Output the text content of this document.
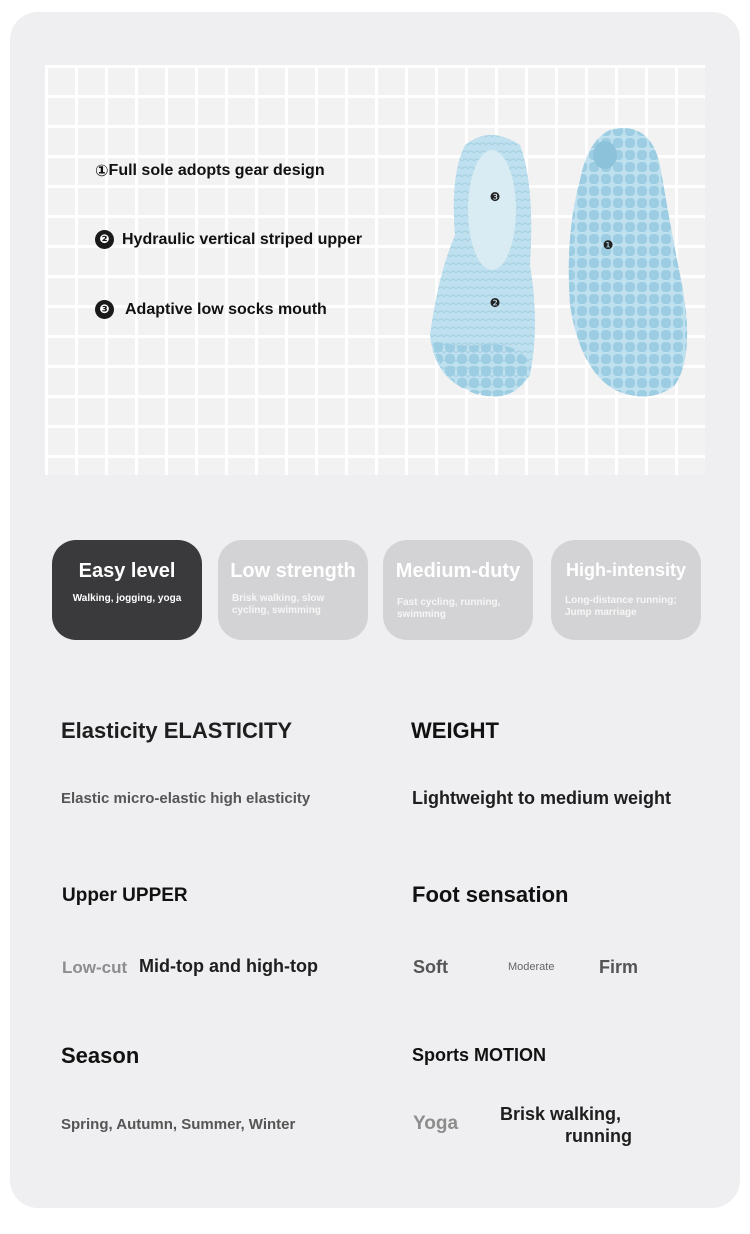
① Full sole adopts gear design
❷ Hydraulic vertical striped upper
❸ Adaptive low socks mouth
❸
❷
❶
Easy level
Walking, jogging, yoga
Low strength
Brisk walking, slow cycling, swimming
Medium-duty
Fast cycling, running, swimming
High-intensity
Long-distance running; Jump marriage
Elasticity ELASTICITY	WEIGHT
Elastic micro-elastic high elasticity	Lightweight to medium weight
Upper UPPER	Foot sensation
Low-cut Mid-top and high-top	Soft	Moderate Firm
Season	Sports MOTION
Spring, Autumn, Summer, Winter	Yoga Brisk walking,
running
